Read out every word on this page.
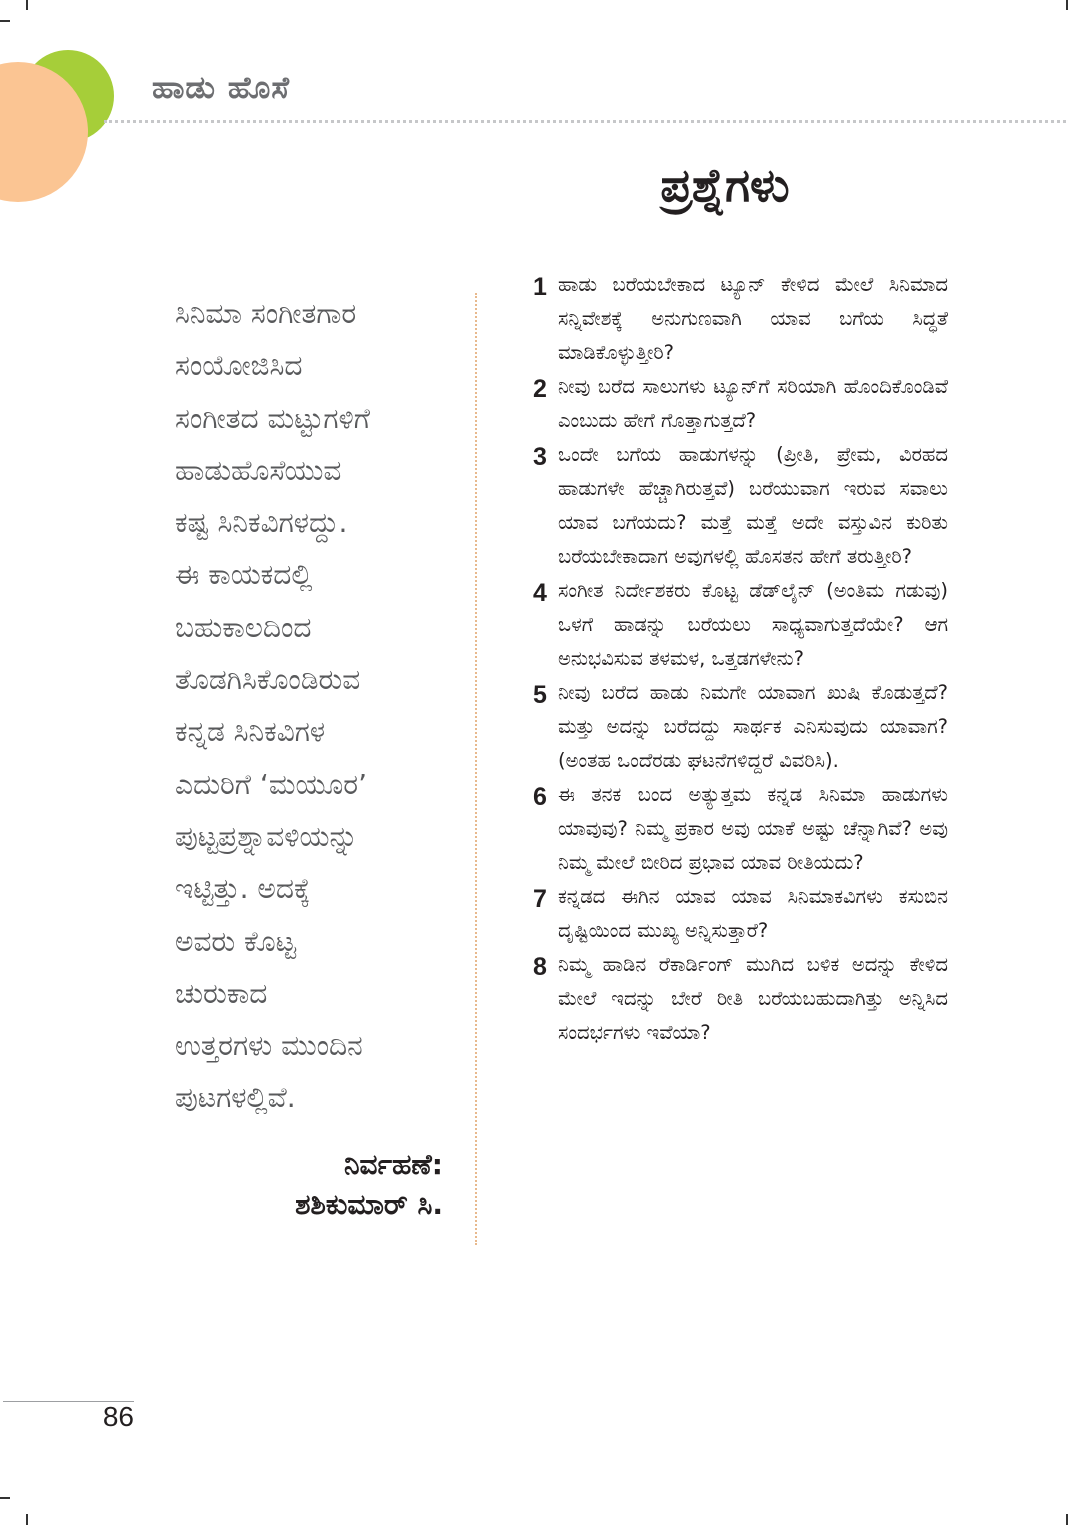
ಹಾಡು ಹೊಸೆ
ಪ್ರಶ್ನೆಗಳು
ಸಿನಿಮಾ ಸಂಗೀತಗಾರ
ಸಂಯೋಜಿಸಿದ
ಸಂಗೀತದ ಮಟ್ಟುಗಳಿಗೆ
ಹಾಡುಹೊಸೆಯುವ
ಕಷ್ಟ ಸಿನಿಕವಿಗಳದ್ದು.
ಈ ಕಾಯಕದಲ್ಲಿ
ಬಹುಕಾಲದಿಂದ
ತೊಡಗಿಸಿಕೊಂಡಿರುವ
ಕನ್ನಡ ಸಿನಿಕವಿಗಳ
ಎದುರಿಗೆ ‘ಮಯೂರ’
ಪುಟ್ಟಪ್ರಶ್ನಾವಳಿಯನ್ನು
ಇಟ್ಟಿತ್ತು. ಅದಕ್ಕೆ
ಅವರು ಕೊಟ್ಟ
ಚುರುಕಾದ
ಉತ್ತರಗಳು ಮುಂದಿನ
ಪುಟಗಳಲ್ಲಿವೆ.
ನಿರ್ವಹಣೆ:
ಶಶಿಕುಮಾರ್ ಸಿ.
1 ಹಾಡು ಬರೆಯಬೇಕಾದ ಟ್ಯೂನ್ ಕೇಳಿದ ಮೇಲೆ ಸಿನಿಮಾದ ಸನ್ನಿವೇಶಕ್ಕೆ ಅನುಗುಣವಾಗಿ ಯಾವ ಬಗೆಯ ಸಿದ್ಧತೆ ಮಾಡಿಕೊಳ್ಳುತ್ತೀರಿ?
2 ನೀವು ಬರೆದ ಸಾಲುಗಳು ಟ್ಯೂನ್‌ಗೆ ಸರಿಯಾಗಿ ಹೊಂದಿಕೊಂಡಿವೆ ಎಂಬುದು ಹೇಗೆ ಗೊತ್ತಾಗುತ್ತದೆ?
3 ಒಂದೇ ಬಗೆಯ ಹಾಡುಗಳನ್ನು (ಪ್ರೀತಿ, ಪ್ರೇಮ, ವಿರಹದ ಹಾಡುಗಳೇ ಹೆಚ್ಚಾಗಿರುತ್ತವೆ) ಬರೆಯುವಾಗ ಇರುವ ಸವಾಲು ಯಾವ ಬಗೆಯದು? ಮತ್ತೆ ಮತ್ತೆ ಅದೇ ವಸ್ತುವಿನ ಕುರಿತು ಬರೆಯಬೇಕಾದಾಗ ಅವುಗಳಲ್ಲಿ ಹೊಸತನ ಹೇಗೆ ತರುತ್ತೀರಿ?
4 ಸಂಗೀತ ನಿರ್ದೇಶಕರು ಕೊಟ್ಟ ಡೆಡ್‌ಲೈನ್ (ಅಂತಿಮ ಗಡುವು) ಒಳಗೆ ಹಾಡನ್ನು ಬರೆಯಲು ಸಾಧ್ಯವಾಗುತ್ತದೆಯೇ? ಆಗ ಅನುಭವಿಸುವ ತಳಮಳ, ಒತ್ತಡಗಳೇನು?
5 ನೀವು ಬರೆದ ಹಾಡು ನಿಮಗೇ ಯಾವಾಗ ಖುಷಿ ಕೊಡುತ್ತದೆ? ಮತ್ತು ಅದನ್ನು ಬರೆದದ್ದು ಸಾರ್ಥಕ ಎನಿಸುವುದು ಯಾವಾಗ? (ಅಂತಹ ಒಂದೆರಡು ಘಟನೆಗಳಿದ್ದರೆ ವಿವರಿಸಿ).
6 ಈ ತನಕ ಬಂದ ಅತ್ಯುತ್ತಮ ಕನ್ನಡ ಸಿನಿಮಾ ಹಾಡುಗಳು ಯಾವುವು? ನಿಮ್ಮ ಪ್ರಕಾರ ಅವು ಯಾಕೆ ಅಷ್ಟು ಚೆನ್ನಾಗಿವೆ? ಅವು ನಿಮ್ಮ ಮೇಲೆ ಬೀರಿದ ಪ್ರಭಾವ ಯಾವ ರೀತಿಯದು?
7 ಕನ್ನಡದ ಈಗಿನ ಯಾವ ಯಾವ ಸಿನಿಮಾಕವಿಗಳು ಕಸುಬಿನ ದೃಷ್ಟಿಯಿಂದ ಮುಖ್ಯ ಅನ್ನಿಸುತ್ತಾರೆ?
8 ನಿಮ್ಮ ಹಾಡಿನ ರೆಕಾರ್ಡಿಂಗ್ ಮುಗಿದ ಬಳಿಕ ಅದನ್ನು ಕೇಳಿದ ಮೇಲೆ ಇದನ್ನು ಬೇರೆ ರೀತಿ ಬರೆಯಬಹುದಾಗಿತ್ತು ಅನ್ನಿಸಿದ ಸಂದರ್ಭಗಳು ಇವೆಯಾ?
86
